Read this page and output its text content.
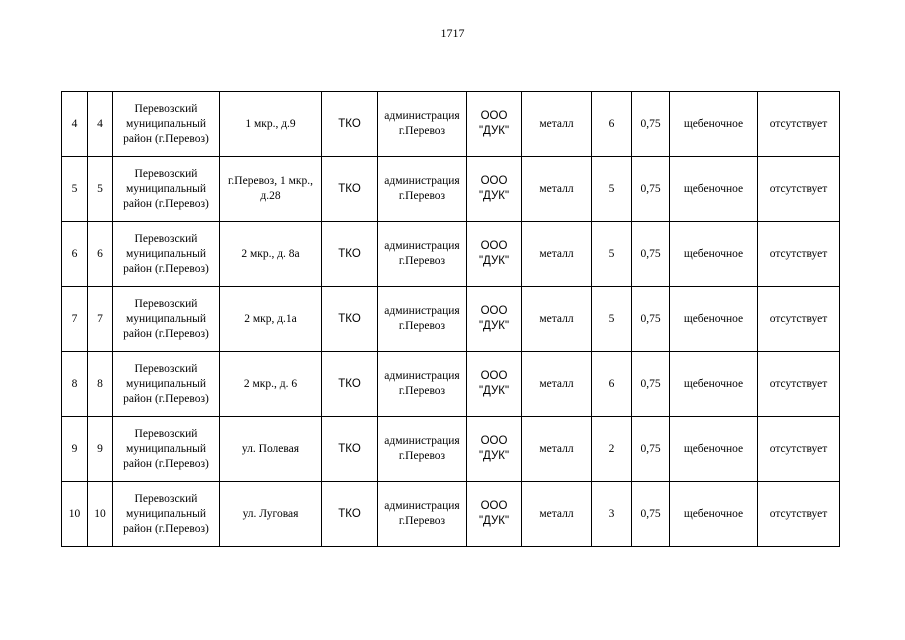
1717
4	4	Перевозский
муниципальный
район (г.Перевоз)	1 мкр., д.9	ТКО	администрация
г.Перевоз	ООО
"ДУК"	металл	6	0,75	щебеночное	отсутствует
5	5	Перевозский
муниципальный
район (г.Перевоз)	г.Перевоз, 1 мкр.,
д.28	ТКО	администрация
г.Перевоз	ООО
"ДУК"	металл	5	0,75	щебеночное	отсутствует
6	6	Перевозский
муниципальный
район (г.Перевоз)	2 мкр., д. 8а	ТКО	администрация
г.Перевоз	ООО
"ДУК"	металл	5	0,75	щебеночное	отсутствует
7	7	Перевозский
муниципальный
район (г.Перевоз)	2 мкр, д.1а	ТКО	администрация
г.Перевоз	ООО
"ДУК"	металл	5	0,75	щебеночное	отсутствует
8	8	Перевозский
муниципальный
район (г.Перевоз)	2 мкр., д. 6	ТКО	администрация
г.Перевоз	ООО
"ДУК"	металл	6	0,75	щебеночное	отсутствует
9	9	Перевозский
муниципальный
район (г.Перевоз)	ул. Полевая	ТКО	администрация
г.Перевоз	ООО
"ДУК"	металл	2	0,75	щебеночное	отсутствует
10	10	Перевозский
муниципальный
район (г.Перевоз)	ул. Луговая	ТКО	администрация
г.Перевоз	ООО
"ДУК"	металл	3	0,75	щебеночное	отсутствует
